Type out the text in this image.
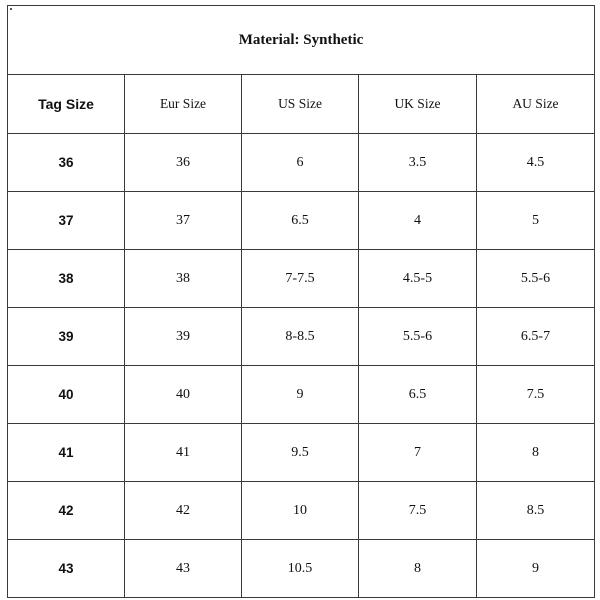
Material: Synthetic				
Tag Size	Eur Size	US Size	UK Size	AU Size

36	36	6	3.5	4.5

37	37	6.5	4	5

38	38	7-7.5	4.5-5	5.5-6

39	39	8-8.5	5.5-6	6.5-7

40	40	9	6.5	7.5

41	41	9.5	7	8

42	42	10	7.5	8.5

43	43	10.5	8	9
